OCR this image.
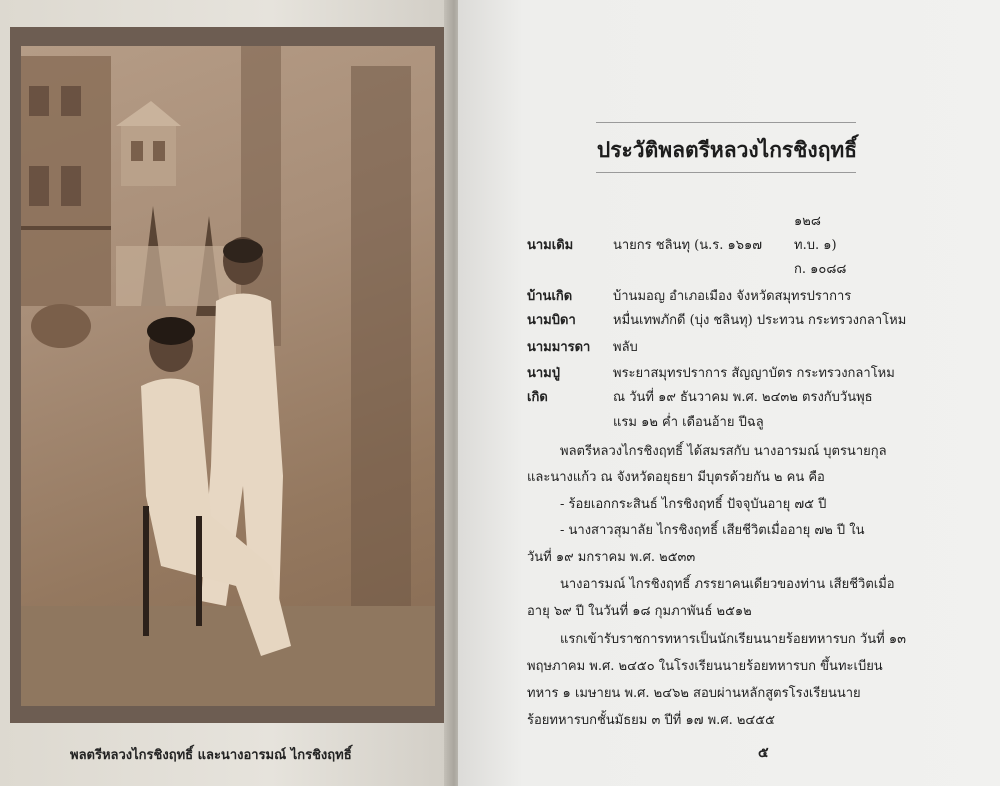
พลตรีหลวงไกรชิงฤทธิ์ และนางอารมณ์ ไกรชิงฤทธิ์
ประวัติพลตรีหลวงไกรชิงฤทธิ์
นามเดิม	นายกร ชลินทุ (น.ร. ๑๖๑๗
๑๒๘
ท.บ. ๑)
ก. ๑๐๘๘
บ้านเกิด	บ้านมอญ อำเภอเมือง จังหวัดสมุทรปราการ
นามบิดา	หมื่นเทพภักดี (บุ่ง ชลินทุ) ประทวน กระทรวงกลาโหม
นามมารดา พลับ
นามปู่	พระยาสมุทรปราการ สัญญาบัตร กระทรวงกลาโหม
เกิด	ณ วันที่ ๑๙ ธันวาคม พ.ศ. ๒๔๓๒ ตรงกับวันพุธ
แรม ๑๒ ค่ำ เดือนอ้าย ปีฉลู
พลตรีหลวงไกรชิงฤทธิ์ ได้สมรสกับ นางอารมณ์ บุตรนายกุล
และนางแก้ว ณ จังหวัดอยุธยา มีบุตรด้วยกัน ๒ คน คือ
- ร้อยเอกกระสินธ์ ไกรชิงฤทธิ์ ปัจจุบันอายุ ๗๕ ปี
- นางสาวสุมาลัย ไกรชิงฤทธิ์ เสียชีวิตเมื่ออายุ ๗๒ ปี ใน
วันที่ ๑๙ มกราคม พ.ศ. ๒๕๓๓
นางอารมณ์ ไกรชิงฤทธิ์ ภรรยาคนเดียวของท่าน เสียชีวิตเมื่อ
อายุ ๖๙ ปี ในวันที่ ๑๘ กุมภาพันธ์ ๒๕๑๒
แรกเข้ารับราชการทหารเป็นนักเรียนนายร้อยทหารบก วันที่ ๑๓
พฤษภาคม พ.ศ. ๒๔๕๐ ในโรงเรียนนายร้อยทหารบก ขึ้นทะเบียน
ทหาร ๑ เมษายน พ.ศ. ๒๔๖๒ สอบผ่านหลักสูตรโรงเรียนนาย
ร้อยทหารบกชั้นมัธยม ๓ ปีที่ ๑๗ พ.ศ. ๒๔๕๕
๕
